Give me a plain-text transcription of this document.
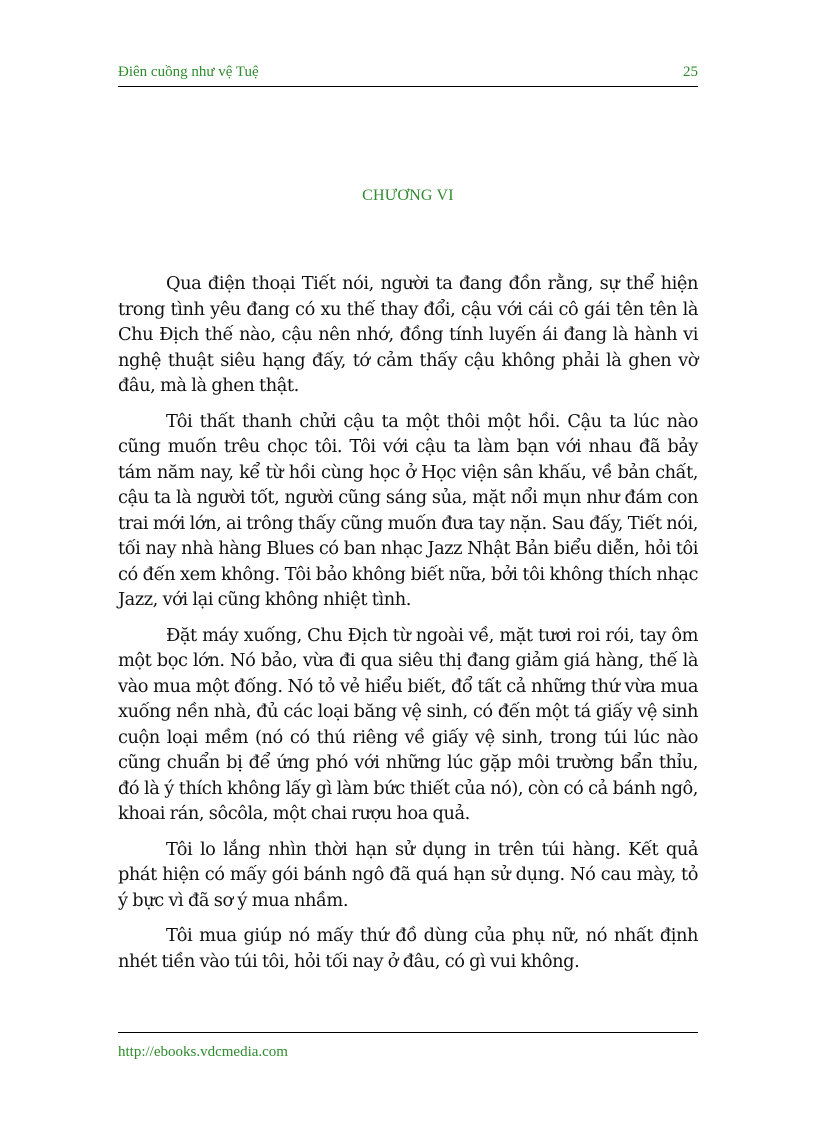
Điên cuồng như vệ Tuệ	25
CHƯƠNG VI

Qua điện thoại Tiết nói, người ta đang đồn rằng, sự thể hiện trong tình yêu đang có xu thế thay đổi, cậu với cái cô gái tên tên là Chu Địch thế nào, cậu nên nhớ, đồng tính luyến ái đang là hành vi nghệ thuật siêu hạng đấy, tớ cảm thấy cậu không phải là ghen vờ đâu, mà là ghen thật.

Tôi thất thanh chửi cậu ta một thôi một hồi. Cậu ta lúc nào cũng muốn trêu chọc tôi. Tôi với cậu ta làm bạn với nhau đã bảy tám năm nay, kể từ hồi cùng học ở Học viện sân khấu, về bản chất, cậu ta là người tốt, người cũng sáng sủa, mặt nổi mụn như đám con trai mới lớn, ai trông thấy cũng muốn đưa tay nặn. Sau đấy, Tiết nói, tối nay nhà hàng Blues có ban nhạc Jazz Nhật Bản biểu diễn, hỏi tôi có đến xem không. Tôi bảo không biết nữa, bởi tôi không thích nhạc Jazz, với lại cũng không nhiệt tình.

Đặt máy xuống, Chu Địch từ ngoài về, mặt tươi roi rói, tay ôm một bọc lớn. Nó bảo, vừa đi qua siêu thị đang giảm giá hàng, thế là vào mua một đống. Nó tỏ vẻ hiểu biết, đổ tất cả những thứ vừa mua xuống nền nhà, đủ các loại băng vệ sinh, có đến một tá giấy vệ sinh cuộn loại mềm (nó có thú riêng về giấy vệ sinh, trong túi lúc nào cũng chuẩn bị để ứng phó với những lúc gặp môi trường bẩn thỉu, đó là ý thích không lấy gì làm bức thiết của nó), còn có cả bánh ngô, khoai rán, sôcôla, một chai rượu hoa quả.

Tôi lo lắng nhìn thời hạn sử dụng in trên túi hàng. Kết quả phát hiện có mấy gói bánh ngô đã quá hạn sử dụng. Nó cau mày, tỏ ý bực vì đã sơ ý mua nhầm.

Tôi mua giúp nó mấy thứ đồ dùng của phụ nữ, nó nhất định nhét tiền vào túi tôi, hỏi tối nay ở đâu, có gì vui không.

http://ebooks.vdcmedia.com
